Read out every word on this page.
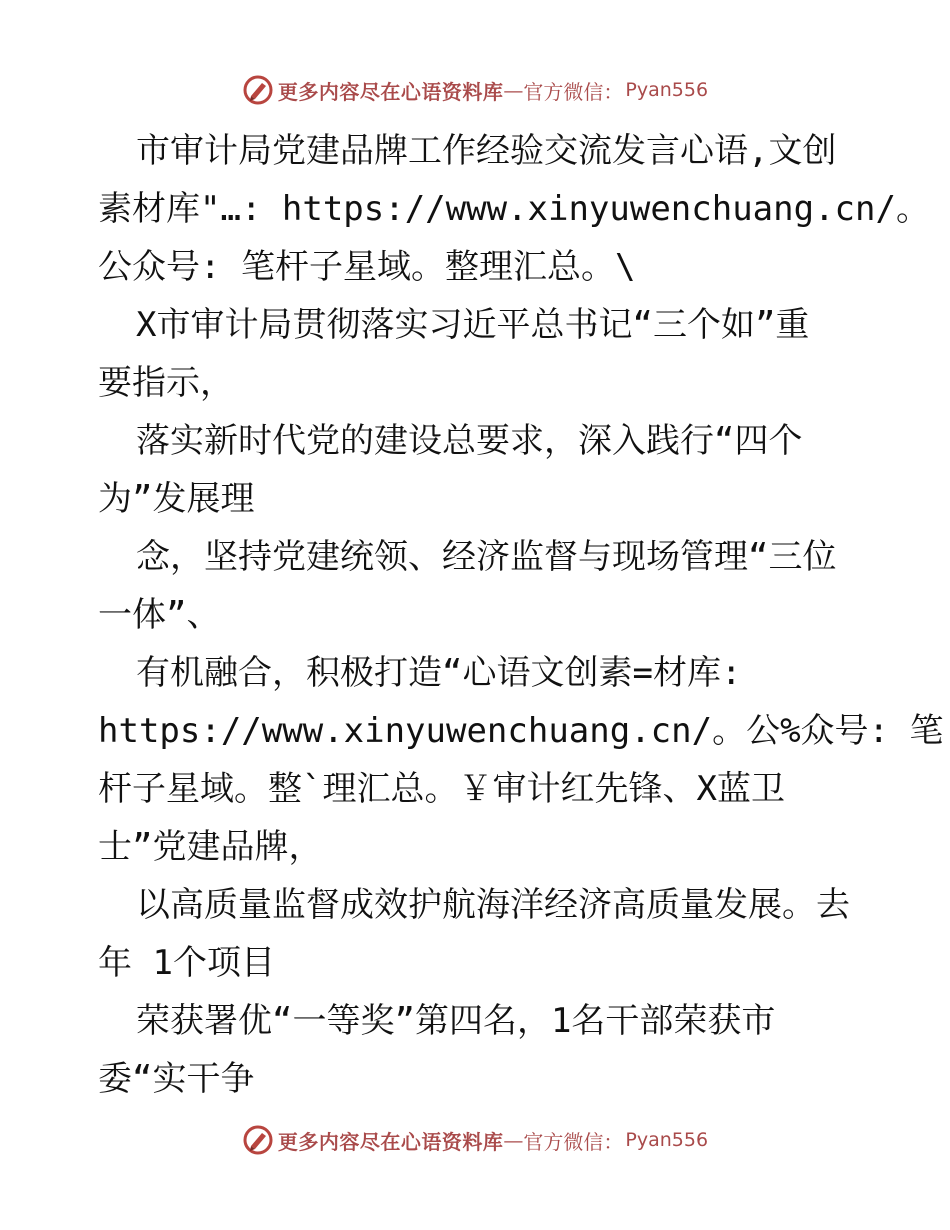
更多内容尽在心语资料库 — 官方微信： Pyan556
市审计局党建品牌工作经验交流发言心语,文创
素材库"…: https://www.xinyuwenchuang.cn/。
公众号: 笔杆子星域。整理汇总。\
X市审计局贯彻落实习近平总书记“三个如”重
要指示，
落实新时代党的建设总要求，深入践行“四个
为”发展理
念，坚持党建统领、经济监督与现场管理“三位
一体”、
有机融合，积极打造“心语文创素=材库:
https://www.xinyuwenchuang.cn/。公%众号: 笔
杆子星域。整`理汇总。￥审计红先锋、X蓝卫
士”党建品牌，
以高质量监督成效护航海洋经济高质量发展。去
年 1个项目
荣获署优“一等奖”第四名，1名干部荣获市
委“实干争
更多内容尽在心语资料库 — 官方微信： Pyan556
